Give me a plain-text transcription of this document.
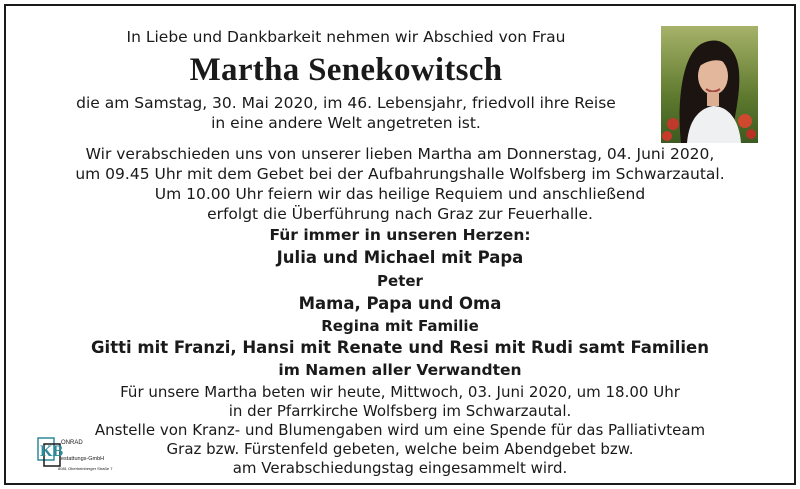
In Liebe und Dankbarkeit nehmen wir Abschied von Frau
Martha Senekowitsch
die am Samstag, 30. Mai 2020, im 46. Lebensjahr, friedvoll ihre Reise
in eine andere Welt angetreten ist.
Wir verabschieden uns von unserer lieben Martha am Donnerstag, 04. Juni 2020,
um 09.45 Uhr mit dem Gebet bei der Aufbahrungshalle Wolfsberg im Schwarzautal.
Um 10.00 Uhr feiern wir das heilige Requiem und anschließend
erfolgt die Überführung nach Graz zur Feuerhalle.
Für immer in unseren Herzen:
Julia und Michael mit Papa
Peter
Mama, Papa und Oma
Regina mit Familie
Gitti mit Franzi, Hansi mit Renate und Resi mit Rudi samt Familien
im Namen aller Verwandten
Für unsere Martha beten wir heute, Mittwoch, 03. Juni 2020, um 18.00 Uhr
in der Pfarrkirche Wolfsberg im Schwarzautal.
Anstelle von Kranz- und Blumengaben wird um eine Spende für das Palliativteam
Graz bzw. Fürstenfeld gebeten, welche beim Abendgebet bzw.
am Verabschiedungstag eingesammelt wird.
KB
ONRAD
estattungs-GmbH
8081 Oberheinberger Straße 7
